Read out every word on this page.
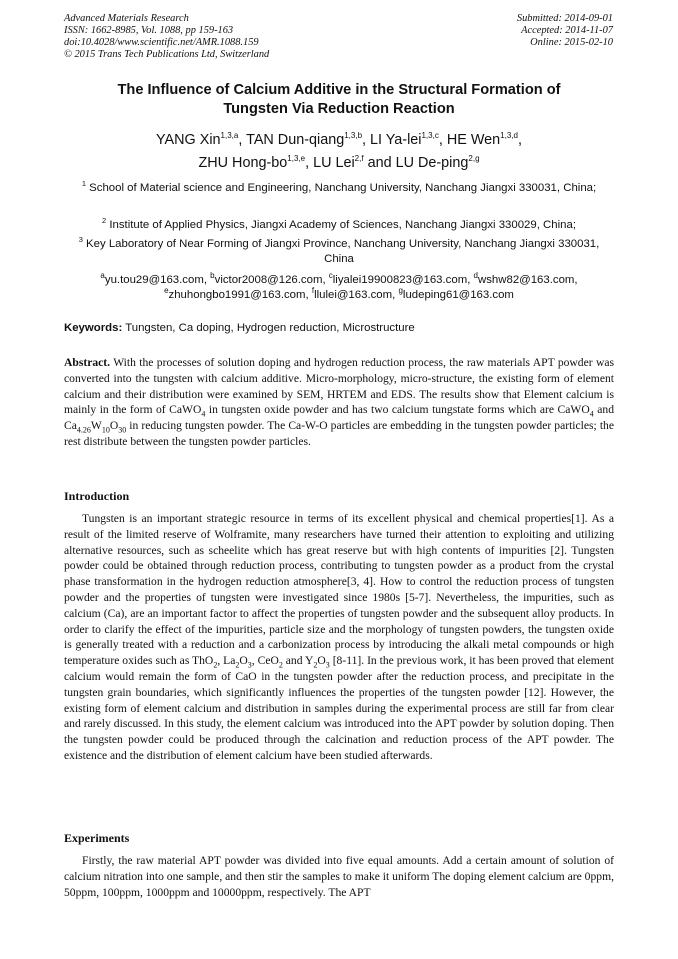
Advanced Materials Research
ISSN: 1662-8985, Vol. 1088, pp 159-163
doi:10.4028/www.scientific.net/AMR.1088.159
© 2015 Trans Tech Publications Ltd, Switzerland
Submitted: 2014-09-01
Accepted: 2014-11-07
Online: 2015-02-10
The Influence of Calcium Additive in the Structural Formation of
Tungsten Via Reduction Reaction
YANG Xin$^{1,3,a}$, TAN Dun-qiang$^{1,3,b}$, LI Ya-lei$^{1,3,c}$, HE Wen$^{1,3,d}$,
ZHU Hong-bo$^{1,3,e}$, LU Lei$^{2,f}$ and LU De-ping$^{2,g}$
$^1$ School of Material science and Engineering, Nanchang University, Nanchang Jiangxi 330031, China;
$^2$ Institute of Applied Physics, Jiangxi Academy of Sciences, Nanchang Jiangxi 330029, China;
$^3$ Key Laboratory of Near Forming of Jiangxi Province, Nanchang University, Nanchang Jiangxi 330031, China
$^a$yu.tou29@163.com, $^b$victor2008@126.com, $^c$liyalei19900823@163.com, $^d$wshw82@163.com,
$^e$zhuhongbo1991@163.com, $^f$llulei@163.com, $^g$ludeping61@163.com
Keywords: Tungsten, Ca doping, Hydrogen reduction, Microstructure
Abstract. With the processes of solution doping and hydrogen reduction process, the raw materials APT powder was converted into the tungsten with calcium additive. Micro-morphology, micro-structure, the existing form of element calcium and their distribution were examined by SEM, HRTEM and EDS. The results show that Element calcium is mainly in the form of CaWO$_4$ in tungsten oxide powder and has two calcium tungstate forms which are CaWO$_4$ and $Ca_{4.26}W_{10}O_{30}$ in reducing tungsten powder. The Ca-W-O particles are embedding in the tungsten powder particles; the rest distribute between the tungsten powder particles.
Introduction
Tungsten is an important strategic resource in terms of its excellent physical and chemical properties[1]. As a result of the limited reserve of Wolframite, many researchers have turned their attention to exploiting and utilizing alternative resources, such as scheelite which has great reserve but with high contents of impurities [2]. Tungsten powder could be obtained through reduction process, contributing to tungsten powder as a product from the crystal phase transformation in the hydrogen reduction atmosphere[3, 4]. How to control the reduction process of tungsten powder and the properties of tungsten were investigated since 1980s [5-7]. Nevertheless, the impurities, such as calcium (Ca), are an important factor to affect the properties of tungsten powder and the subsequent alloy products. In order to clarify the effect of the impurities, particle size and the morphology of tungsten powders, the tungsten oxide is generally treated with a reduction and a carbonization process by introducing the alkali metal compounds or high temperature oxides such as ThO$_2$, $La_2O_3$, CeO$_2$ and $Y_2O_3$ [8-11]. In the previous work, it has been proved that element calcium would remain the form of CaO in the tungsten powder after the reduction process, and precipitate in the tungsten grain boundaries, which significantly influences the properties of the tungsten powder [12]. However, the existing form of element calcium and distribution in samples during the experimental process are still far from clear and rarely discussed. In this study, the element calcium was introduced into the APT powder by solution doping. Then the tungsten powder could be produced through the calcination and reduction process of the APT powder. The existence and the distribution of element calcium have been studied afterwards.
Experiments
Firstly, the raw material APT powder was divided into five equal amounts. Add a certain amount of solution of calcium nitration into one sample, and then stir the samples to make it uniform The doping element calcium are 0ppm, 50ppm, 100ppm, 1000ppm and 10000ppm, respectively. The APT
